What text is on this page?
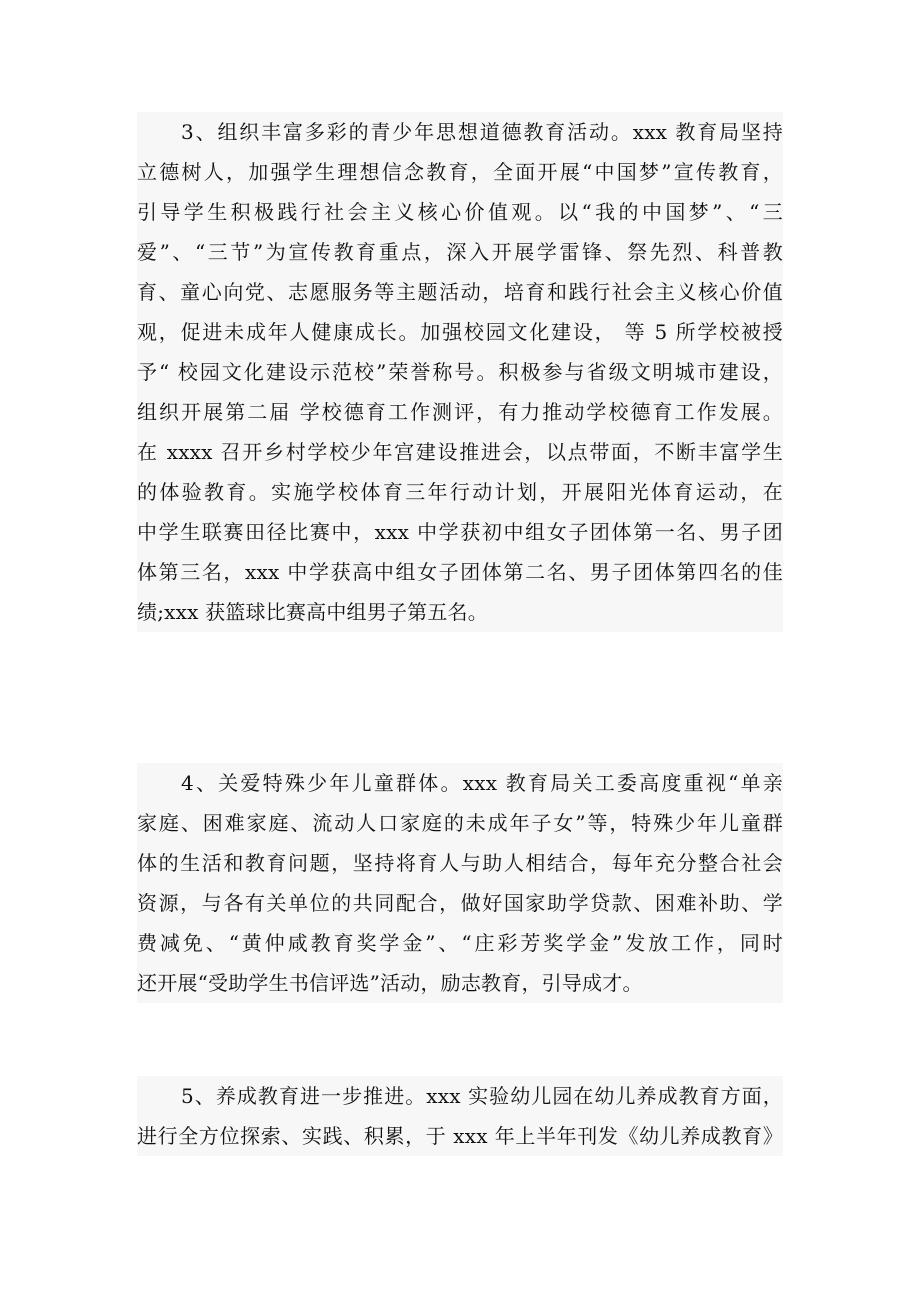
3、组织丰富多彩的青少年思想道德教育活动。xxx 教育局坚持
立德树人，加强学生理想信念教育，全面开展“中国梦”宣传教育，
引导学生积极践行社会主义核心价值观。以“我的中国梦”、“三
爱”、“三节”为宣传教育重点，深入开展学雷锋、祭先烈、科普教
育、童心向党、志愿服务等主题活动，培育和践行社会主义核心价值
观，促进未成年人健康成长。加强校园文化建设， 等 5 所学校被授
予“ 校园文化建设示范校”荣誉称号。积极参与省级文明城市建设，
组织开展第二届 学校德育工作测评，有力推动学校德育工作发展。
在 xxxx 召开乡村学校少年宫建设推进会，以点带面，不断丰富学生
的体验教育。实施学校体育三年行动计划，开展阳光体育运动，在
中学生联赛田径比赛中，xxx 中学获初中组女子团体第一名、男子团
体第三名，xxx 中学获高中组女子团体第二名、男子团体第四名的佳
绩;xxx 获篮球比赛高中组男子第五名。
4、关爱特殊少年儿童群体。xxx 教育局关工委高度重视“单亲
家庭、困难家庭、流动人口家庭的未成年子女”等，特殊少年儿童群
体的生活和教育问题，坚持将育人与助人相结合，每年充分整合社会
资源，与各有关单位的共同配合，做好国家助学贷款、困难补助、学
费减免、“黄仲咸教育奖学金”、“庄彩芳奖学金”发放工作，同时
还开展“受助学生书信评选”活动，励志教育，引导成才。
5、养成教育进一步推进。xxx 实验幼儿园在幼儿养成教育方面，
进行全方位探索、实践、积累，于 xxx 年上半年刊发《幼儿养成教育》
